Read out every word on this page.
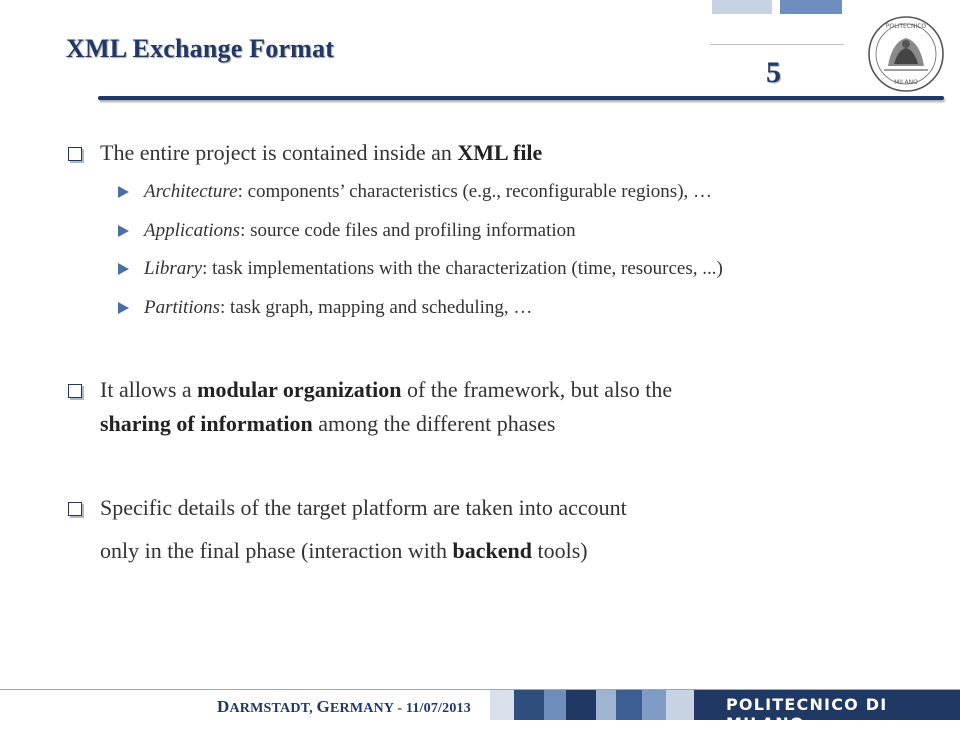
XML Exchange Format
5
POLITECNICO
MILANO
The entire project is contained inside an XML file
Architecture: components’ characteristics (e.g., reconfigurable regions), …
Applications: source code files and profiling information
Library: task implementations with the characterization (time, resources, ...)
Partitions: task graph, mapping and scheduling, …
It allows a modular organization of the framework, but also the
sharing of information among the different phases
Specific details of the target platform are taken into account
only in the final phase (interaction with backend tools)
DARMSTADT, GERMANY - 11/07/2013	POLITECNICO DI MILANO
